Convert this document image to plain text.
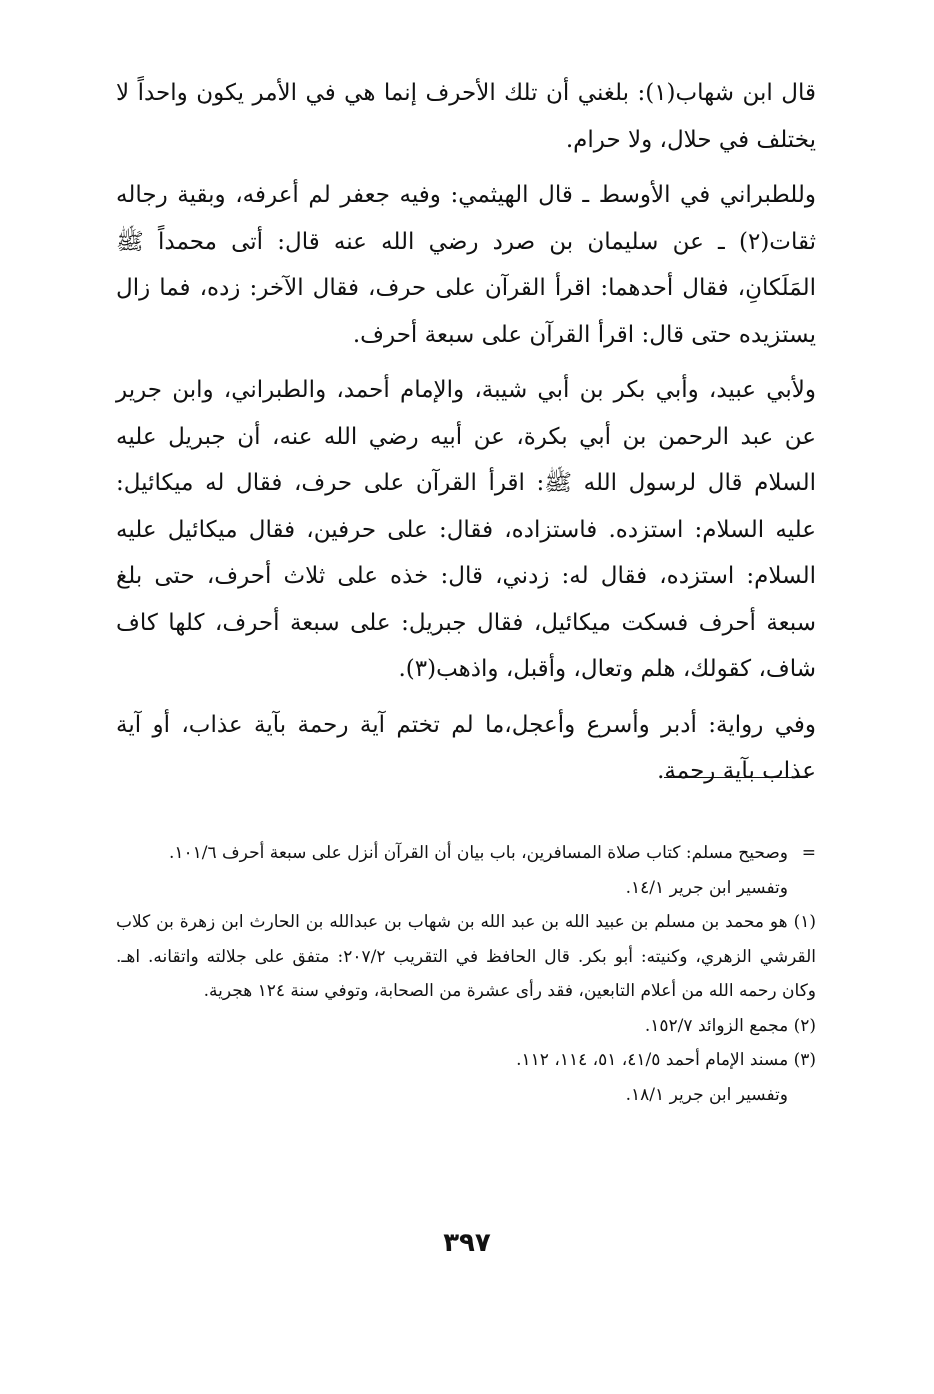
قال ابن شهاب(١): بلغني أن تلك الأحرف إنما هي في الأمر يكون واحداً لا يختلف في حلال، ولا حرام.

وللطبراني في الأوسط ـ قال الهيثمي: وفيه جعفر لم أعرفه، وبقية رجاله ثقات(٢) ـ عن سليمان بن صرد رضي الله عنه قال: أتى محمداً ﷺ المَلَكانِ، فقال أحدهما: اقرأ القرآن على حرف، فقال الآخر: زده، فما زال يستزيده حتى قال: اقرأ القرآن على سبعة أحرف.

ولأبي عبيد، وأبي بكر بن أبي شيبة، والإمام أحمد، والطبراني، وابن جرير عن عبد الرحمن بن أبي بكرة، عن أبيه رضي الله عنه، أن جبريل عليه السلام قال لرسول الله ﷺ: اقرأ القرآن على حرف، فقال له ميكائيل: عليه السلام: استزده. فاستزاده، فقال: على حرفين، فقال ميكائيل عليه السلام: استزده، فقال له: زدني، قال: خذه على ثلاث أحرف، حتى بلغ سبعة أحرف فسكت ميكائيل، فقال جبريل: على سبعة أحرف، كلها كاف شاف، كقولك، هلم وتعال، وأقبل، واذهب(٣).

وفي رواية: أدبر وأسرع وأعجل،ما لم تختم آية رحمة بآية عذاب، أو آية عذاب بآية رحمة.

=وصحيح مسلم: كتاب صلاة المسافرين، باب بيان أن القرآن أنزل على سبعة أحرف ١٠١/٦.

وتفسير ابن جرير ١٤/١.

(١) هو محمد بن مسلم بن عبيد الله بن عبد الله بن شهاب بن عبدالله بن الحارث ابن زهرة بن كلاب القرشي الزهري، وكنيته: أبو بكر. قال الحافظ في التقريب ٢٠٧/٢: متفق على جلالته واتقانه. اهـ. وكان رحمه الله من أعلام التابعين، فقد رأى عشرة من الصحابة، وتوفي سنة ١٢٤ هجرية.

(٢) مجمع الزوائد ١٥٢/٧.

(٣) مسند الإمام أحمد ٤١/٥، ٥١، ١١٤، ١١٢.

وتفسير ابن جرير ١٨/١.

٣٩٧
